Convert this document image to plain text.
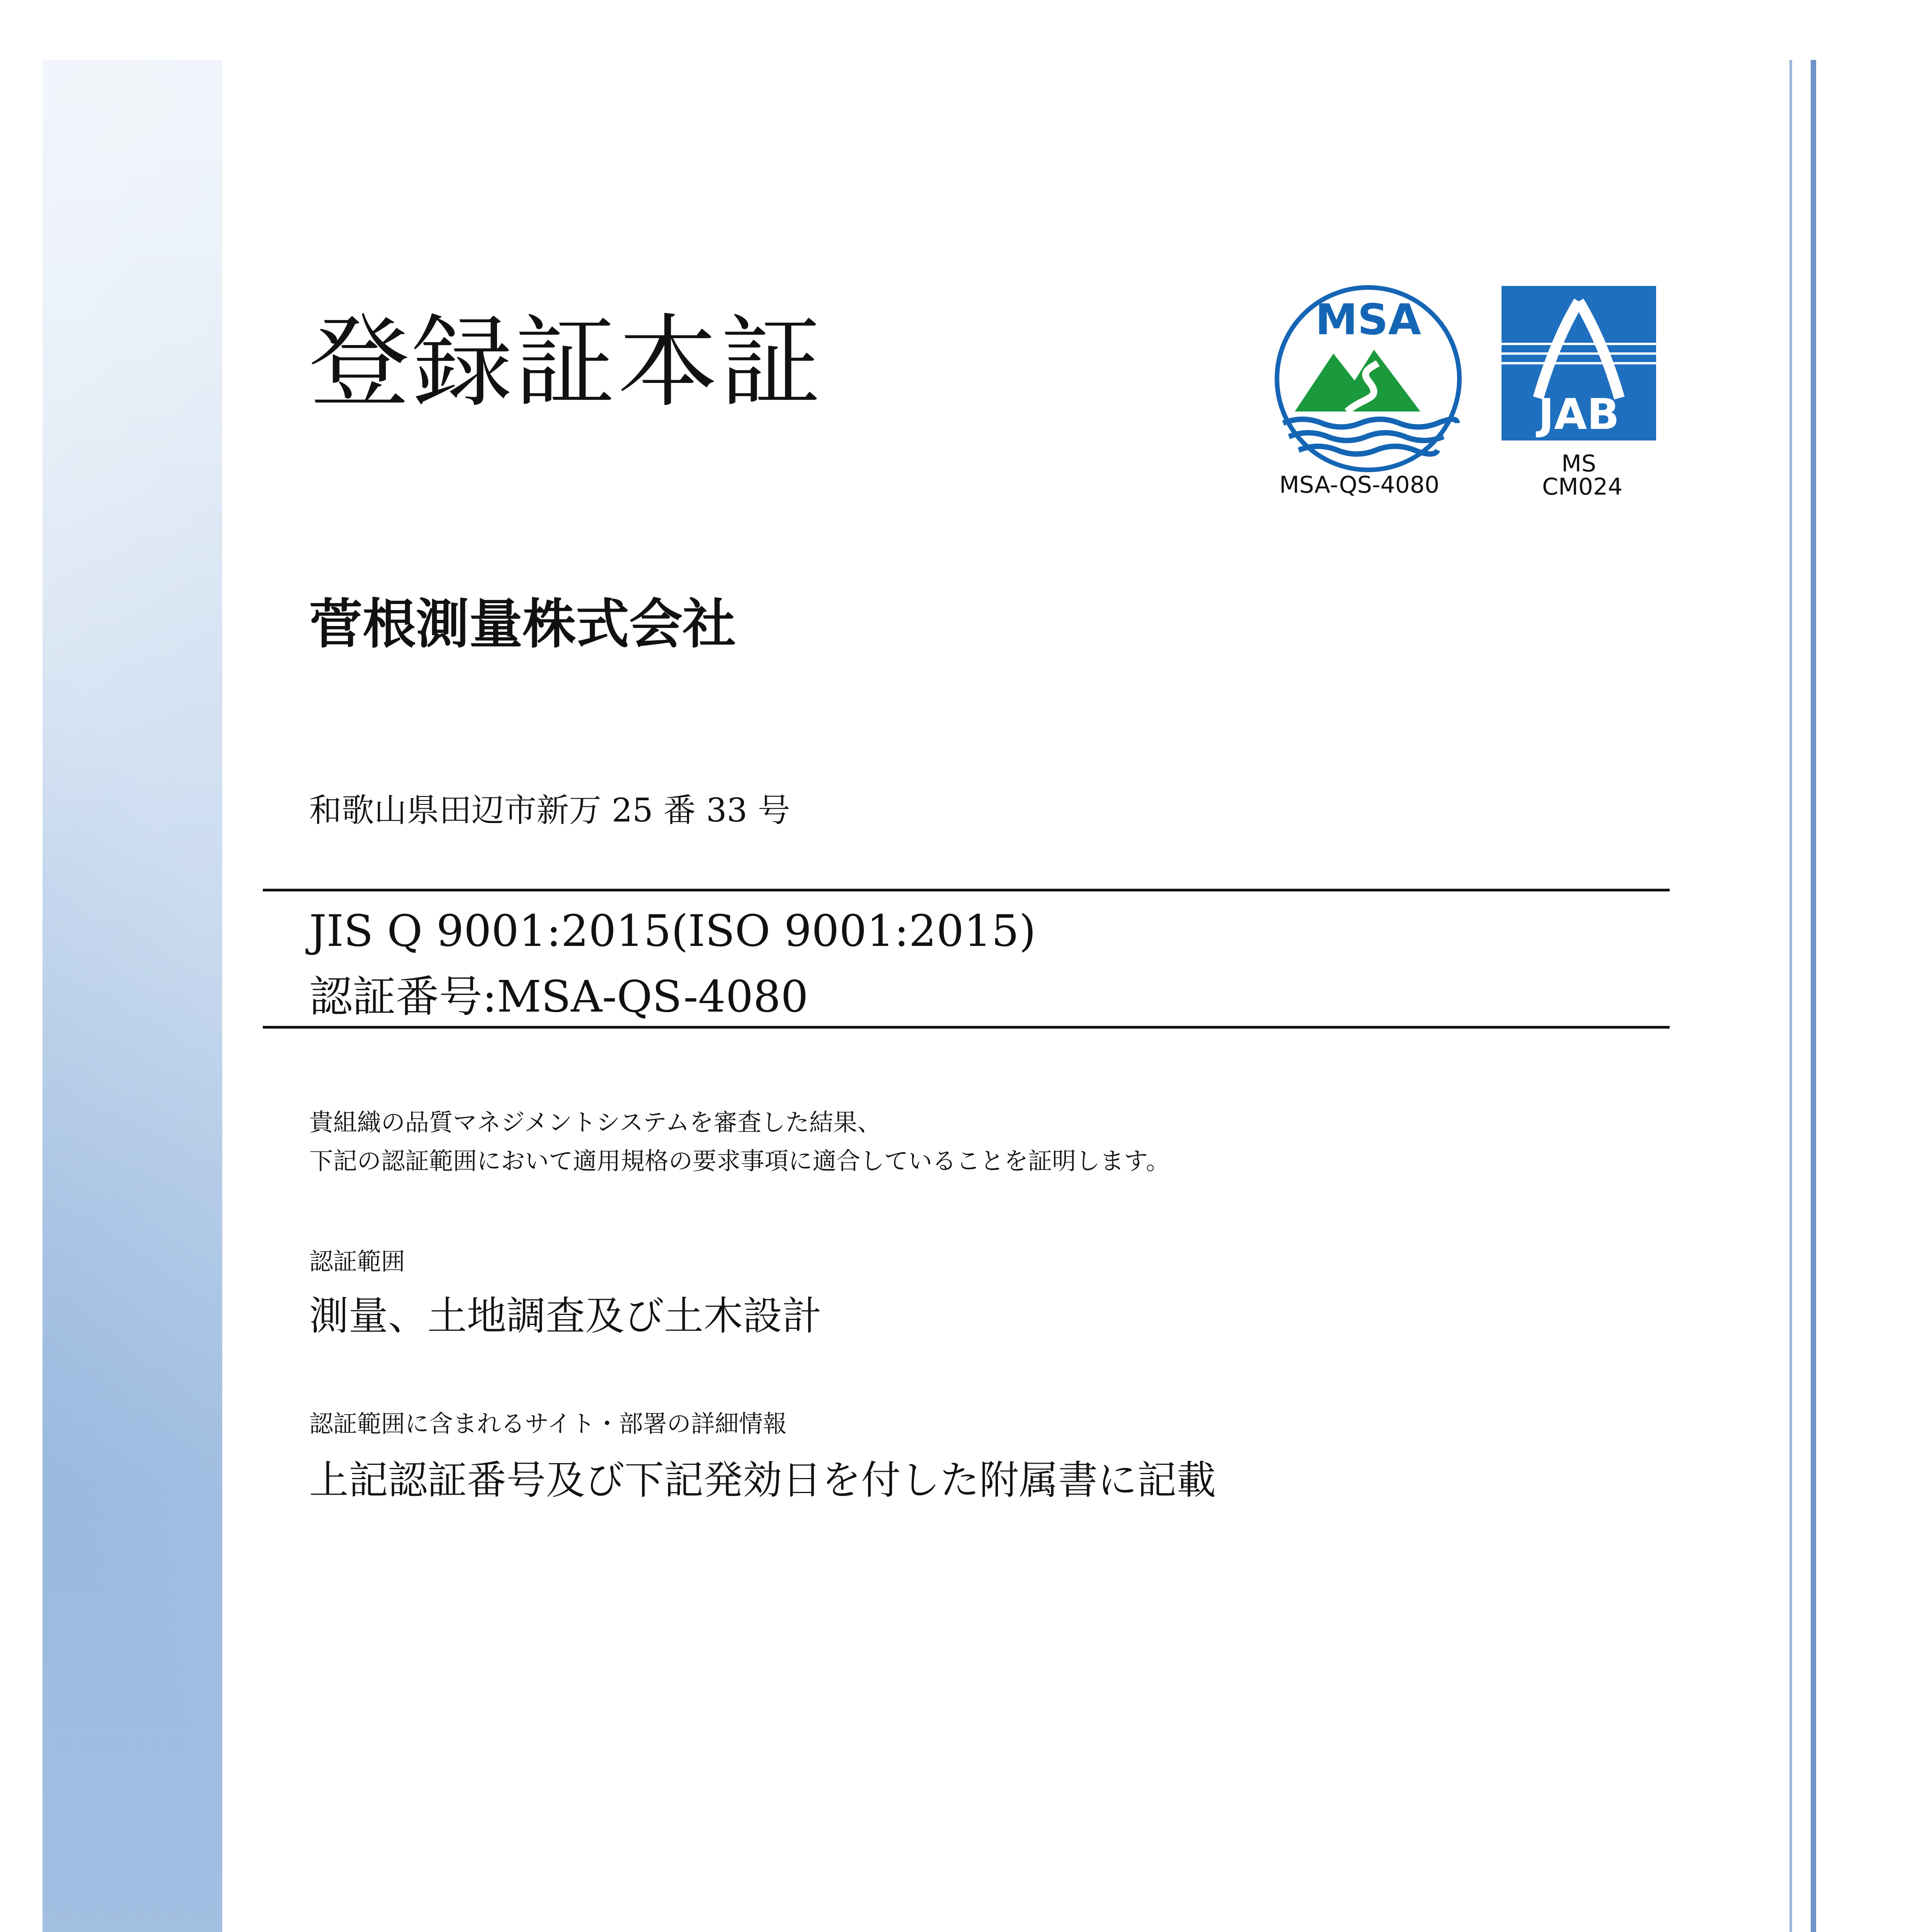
登録証本証	MSA
MSA-QS-4080
JAB
MS
CM024
菅根測量株式会社
和歌山県田辺市新万 25 番 33 号
JIS Q 9001:2015(ISO 9001:2015)
認証番号:MSA-QS-4080
貴組織の品質マネジメントシステムを審査した結果、
下記の認証範囲において適用規格の要求事項に適合していることを証明します。
認証範囲
測量、土地調査及び土木設計
認証範囲に含まれるサイト・部署の詳細情報
上記認証番号及び下記発効日を付した附属書に記載
